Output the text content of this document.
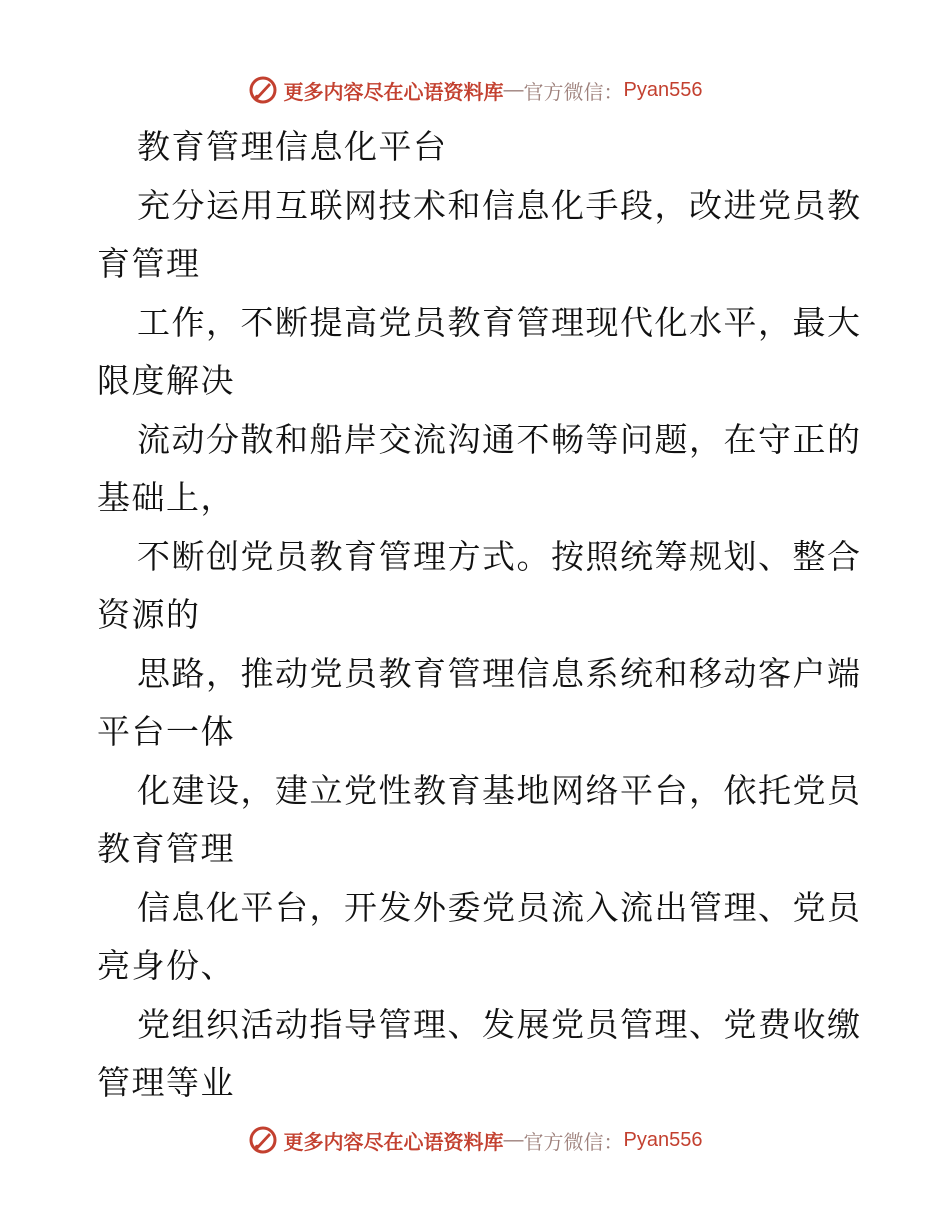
更多内容尽在心语资料库 — 官方微信： Pyan556
教育管理信息化平台
充分运用互联网技术和信息化手段，改进党员教
育管理
工作，不断提高党员教育管理现代化水平，最大
限度解决
流动分散和船岸交流沟通不畅等问题，在守正的
基础上，
不断创党员教育管理方式。按照统筹规划、整合
资源的
思路，推动党员教育管理信息系统和移动客户端
平台一体
化建设，建立党性教育基地网络平台，依托党员
教育管理
信息化平台，开发外委党员流入流出管理、党员
亮身份、
党组织活动指导管理、发展党员管理、党费收缴
管理等业
更多内容尽在心语资料库 — 官方微信： Pyan556
